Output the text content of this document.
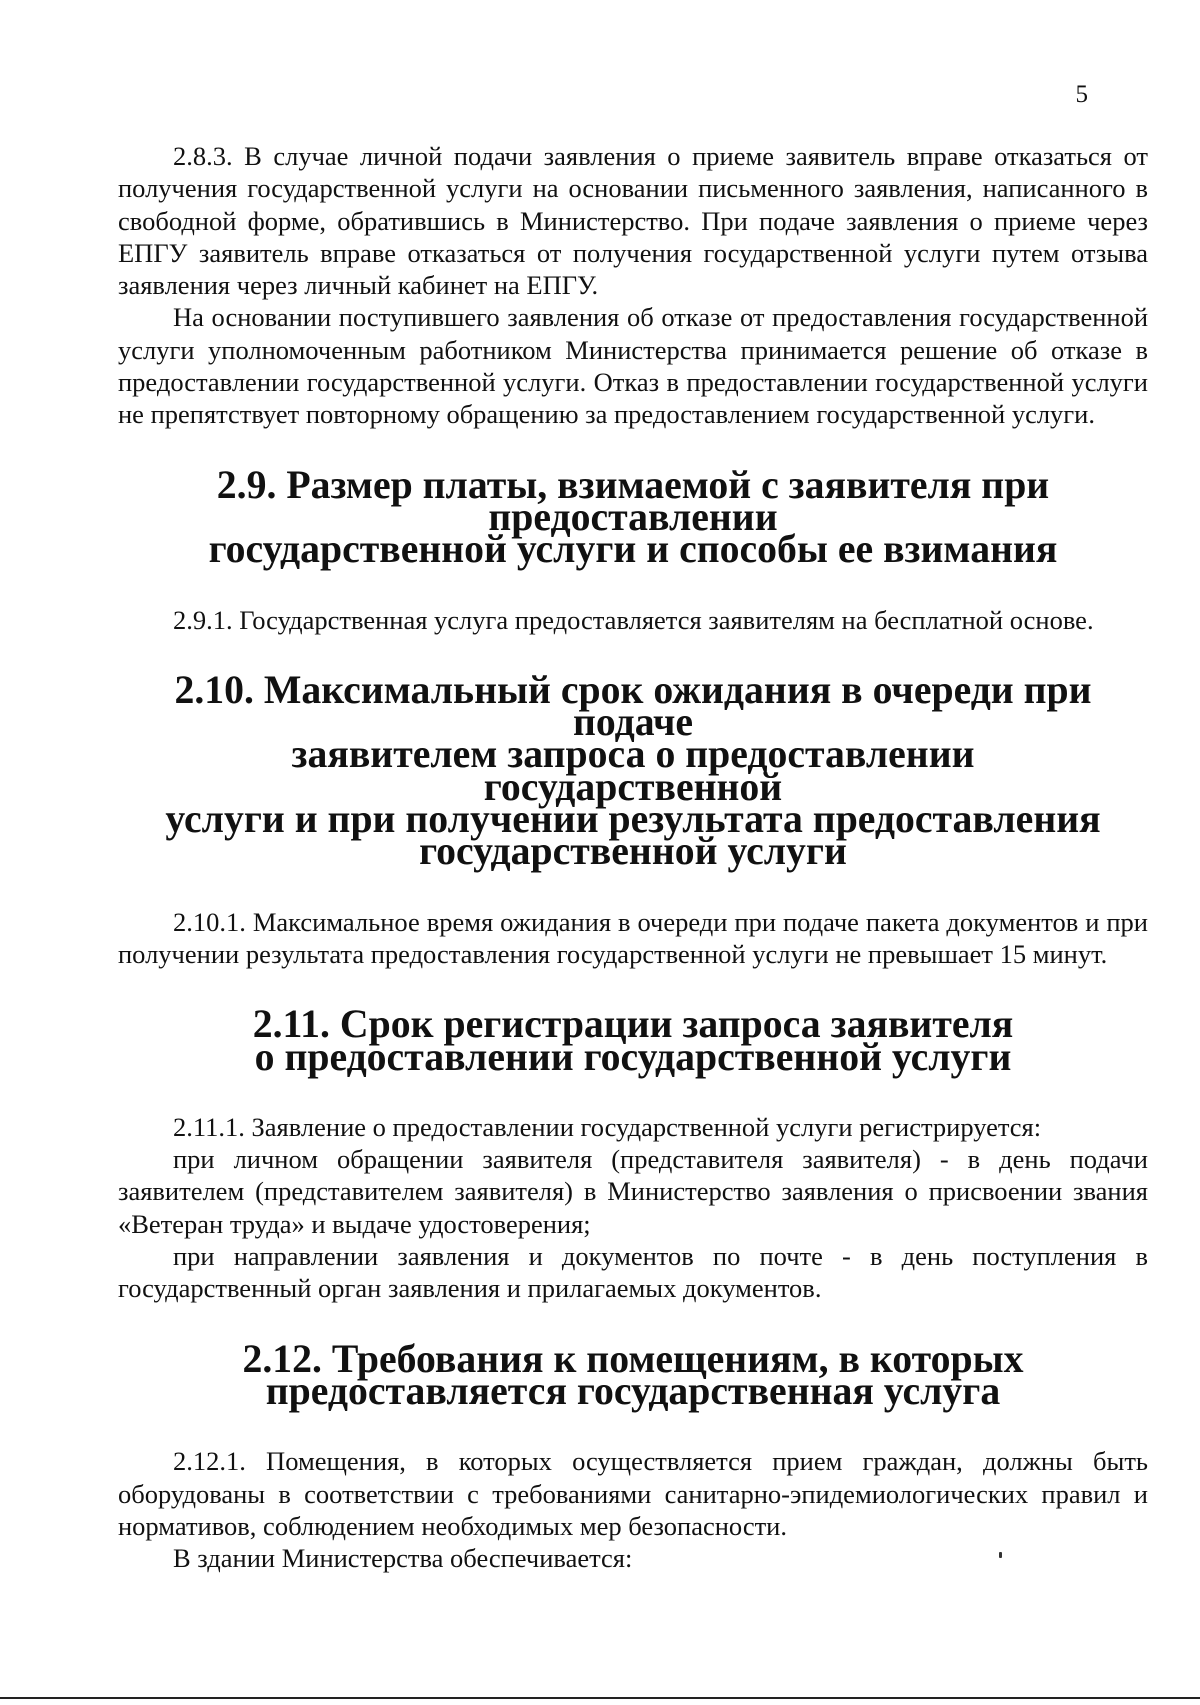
5

2.8.3. В случае личной подачи заявления о приеме заявитель вправе отказаться от получения государственной услуги на основании письменного заявления, написанного в свободной форме, обратившись в Министерство. При подаче заявления о приеме через ЕПГУ заявитель вправе отказаться от получения государственной услуги путем отзыва заявления через личный кабинет на ЕПГУ.

На основании поступившего заявления об отказе от предоставления государственной услуги уполномоченным работником Министерства принимается решение об отказе в предоставлении государственной услуги. Отказ в предоставлении государственной услуги не препятствует повторному обращению за предоставлением государственной услуги.

2.9. Размер платы, взимаемой с заявителя при предоставлении
государственной услуги и способы ее взимания

2.9.1. Государственная услуга предоставляется заявителям на бесплатной основе.

2.10. Максимальный срок ожидания в очереди при подаче
заявителем запроса о предоставлении государственной
услуги и при получении результата предоставления
государственной услуги

2.10.1. Максимальное время ожидания в очереди при подаче пакета документов и при получении результата предоставления государственной услуги не превышает 15 минут.

2.11. Срок регистрации запроса заявителя
о предоставлении государственной услуги

2.11.1. Заявление о предоставлении государственной услуги регистрируется:

при личном обращении заявителя (представителя заявителя) - в день подачи заявителем (представителем заявителя) в Министерство заявления о присвоении звания «Ветеран труда» и выдаче удостоверения;

при направлении заявления и документов по почте - в день поступления в государственный орган заявления и прилагаемых документов.

2.12. Требования к помещениям, в которых
предоставляется государственная услуга

2.12.1. Помещения, в которых осуществляется прием граждан, должны быть оборудованы в соответствии с требованиями санитарно-эпидемиологических правил и нормативов, соблюдением необходимых мер безопасности.

В здании Министерства обеспечивается:
